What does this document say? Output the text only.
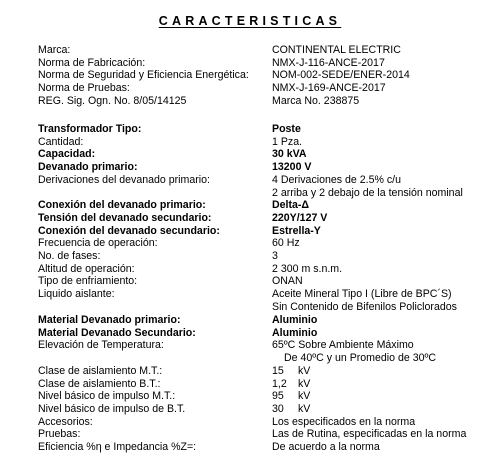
CARACTERISTICAS
Marca:	CONTINENTAL ELECTRIC
Norma de Fabricación:	NMX-J-116-ANCE-2017
Norma de Seguridad y Eficiencia Energética: NOM-002-SEDE/ENER-2014
Norma de Pruebas:	NMX-J-169-ANCE-2017
REG. Sig. Ogn. No. 8/05/14125	Marca No. 238875
Transformador Tipo:	Poste
Cantidad:	1 Pza.
Capacidad:	30 kVA
Devanado primario:	13200 V
Derivaciones del devanado primario:	4 Derivaciones de 2.5% c/u
2 arriba y 2 debajo de la tensión nominal
Conexión del devanado primario:	Delta-Δ
Tensión del devanado secundario:	220Y/127 V
Conexión del devanado secundario:	Estrella-Y
Frecuencia de operación:	60 Hz
No. de fases:	3
Altitud de operación:	2 300 m s.n.m.
Tipo de enfriamiento:	ONAN
Liquido aislante:	Aceite Mineral Tipo I (Libre de BPC´S)
Sin Contenido de Bifenilos Policlorados
Material Devanado primario:	Aluminio
Material Devanado Secundario:	Aluminio
Elevación de Temperatura:	65ºC Sobre Ambiente Máximo
De 40ºC y un Promedio de 30ºC
Clase de aislamiento M.T.:	15 kV
Clase de aislamiento B.T.:	1,2 kV
Nivel básico de impulso M.T.:	95 kV
Nivel básico de impulso de B.T.	30 kV
Accesorios:	Los especificados en la norma
Pruebas:	Las de Rutina, especificadas en la norma
Eficiencia %η e Impedancia %Z=:	De acuerdo a la norma
